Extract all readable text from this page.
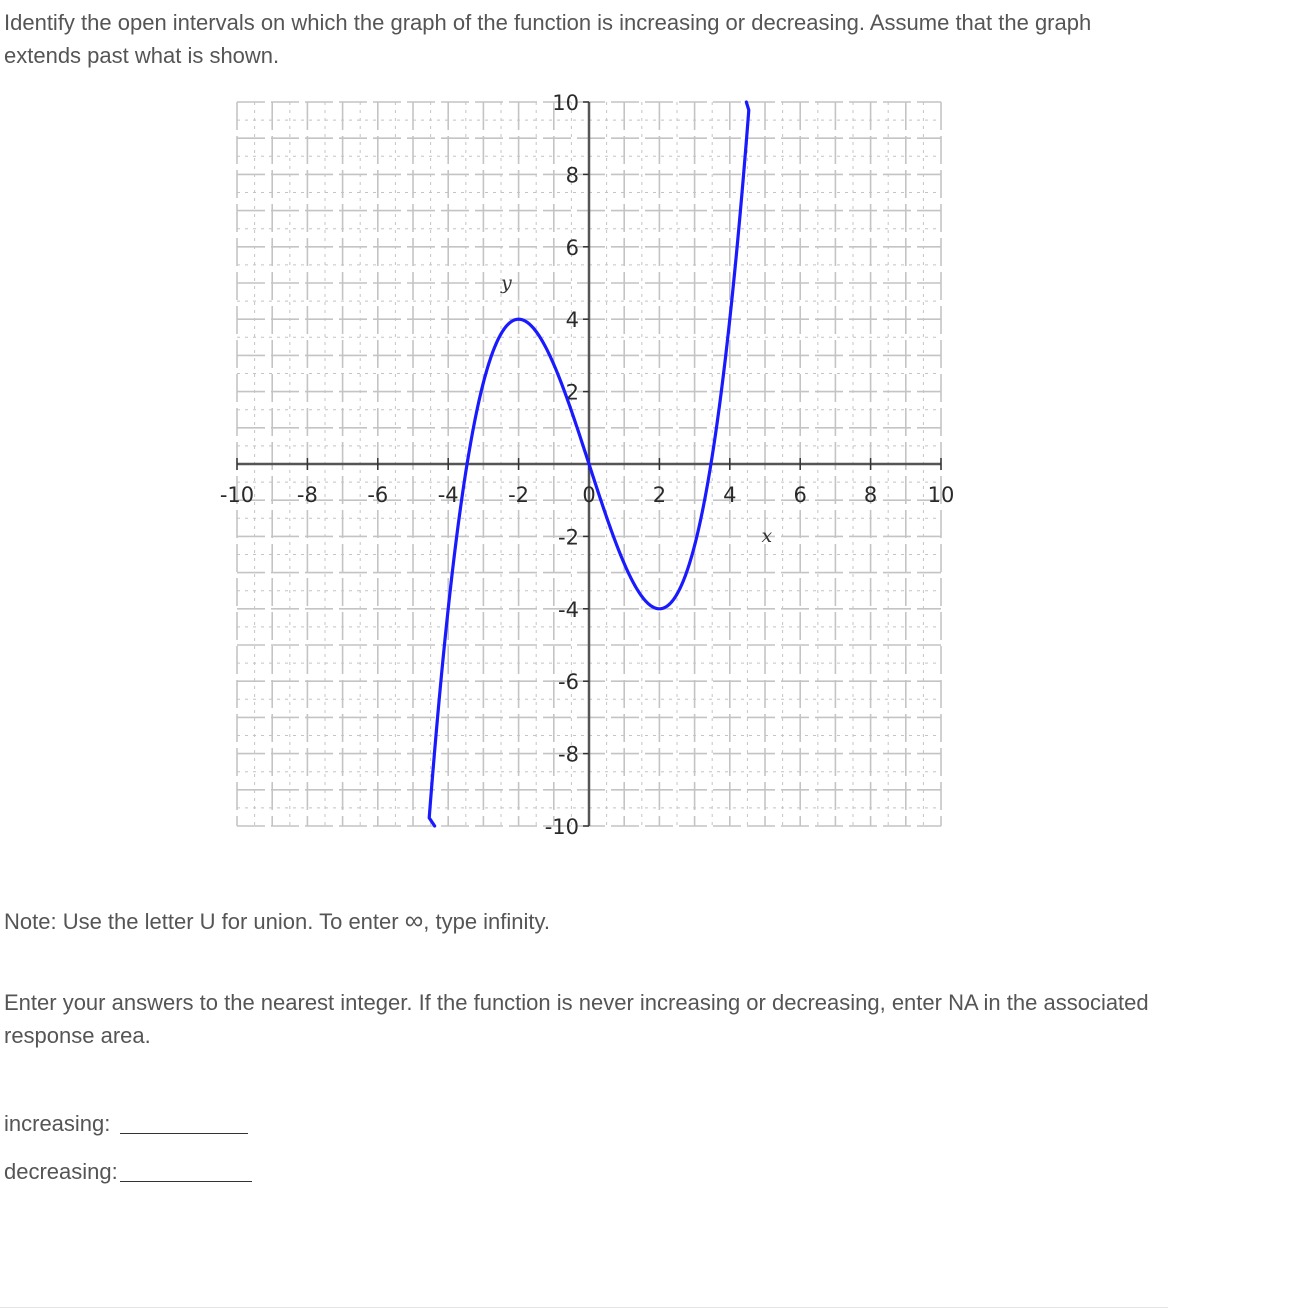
Identify the open intervals on which the graph of the function is increasing or decreasing. Assume that the graph extends past what is shown.

-10 -8 -6 -4 -2	0	2	4	6	8 10
-10
-8
-6
-4
-2
2
4
6
8
10
x
y

Note: Use the letter U for union. To enter ∞, type infinity.

Enter your answers to the nearest integer. If the function is never increasing or decreasing, enter NA in the associated response area.

increasing:
decreasing:
